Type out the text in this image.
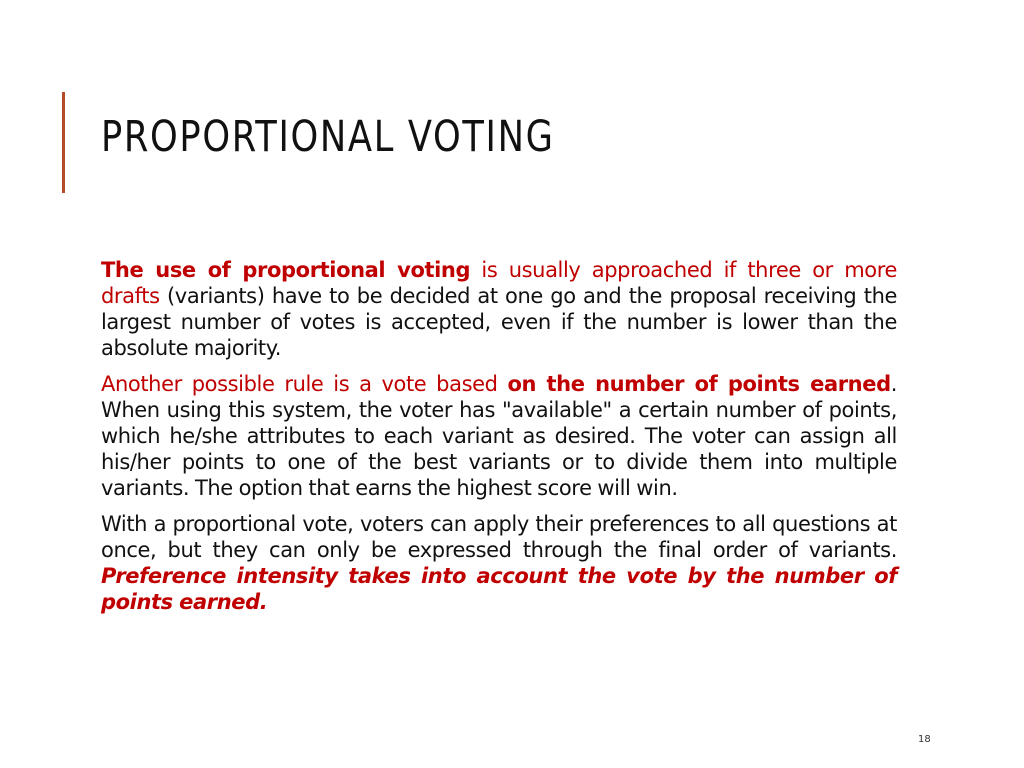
PROPORTIONAL VOTING

The use of proportional voting is usually approached if three or more drafts (variants) have to be decided at one go and the proposal receiving the largest number of votes is accepted, even if the number is lower than the absolute majority.

Another possible rule is a vote based on the number of points earned. When using this system, the voter has "available" a certain number of points, which he/she attributes to each variant as desired. The voter can assign all his/her points to one of the best variants or to divide them into multiple variants. The option that earns the highest score will win.

With a proportional vote, voters can apply their preferences to all questions at once, but they can only be expressed through the final order of variants. Preference intensity takes into account the vote by the number of points earned.

18
